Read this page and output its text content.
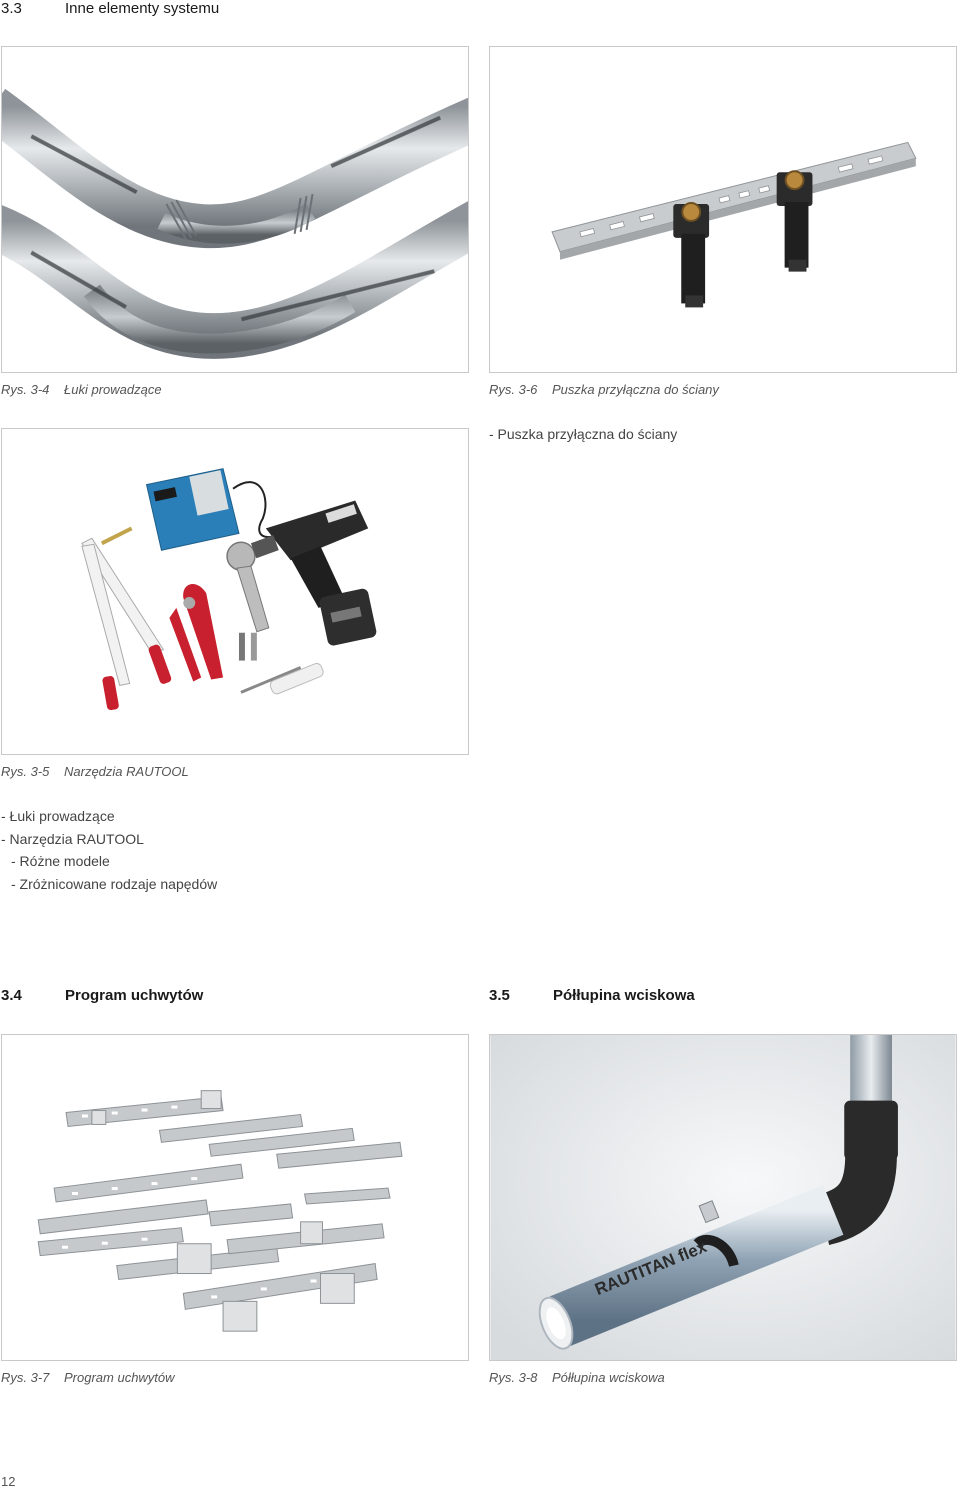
3.3	Inne elementy systemu
Rys. 3-4 Łuki prowadzące	Rys. 3-6 Puszka przyłączna do ściany
- Puszka przyłączna do ściany
Rys. 3-5 Narzędzia RAUTOOL
- Łuki prowadzące
- Narzędzia RAUTOOL
- Różne modele
- Zróżnicowane rodzaje napędów
3.4	Program uchwytów	3.5	Półłupina wciskowa
Rys. 3-7 Program uchwytów
RAUTITAN flex
Rys. 3-8 Półłupina wciskowa
12
